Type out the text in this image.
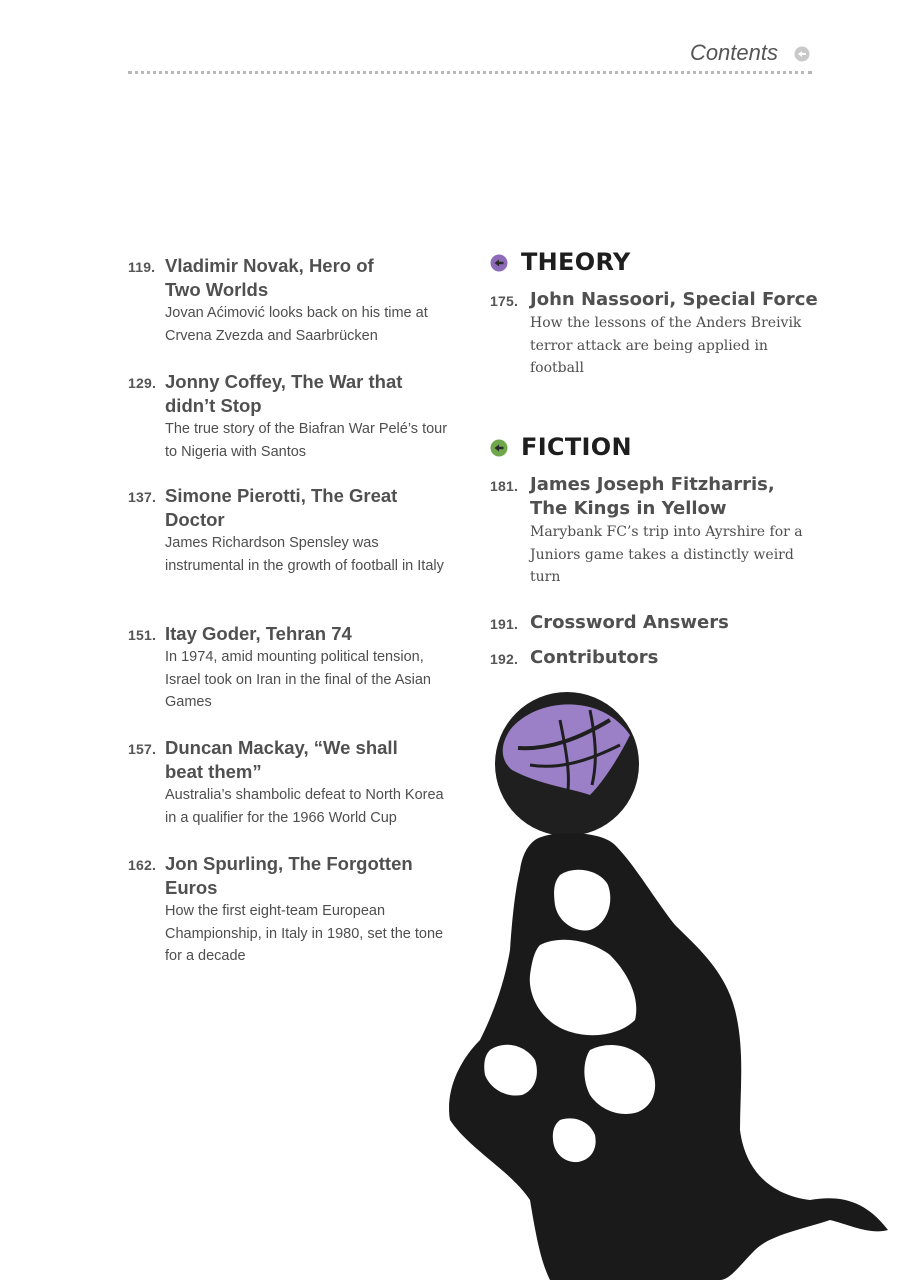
Contents
119. Vladimir Novak, Hero of Two Worlds
Jovan Aćimović looks back on his time at Crvena Zvezda and Saarbrücken
129. Jonny Coffey, The War that didn’t Stop
The true story of the Biafran War Pelé’s tour to Nigeria with Santos
137. Simone Pierotti, The Great Doctor
James Richardson Spensley was instrumental in the growth of football in Italy
151. Itay Goder, Tehran 74
In 1974, amid mounting political tension, Israel took on Iran in the final of the Asian Games
157. Duncan Mackay, “We shall beat them”
Australia’s shambolic defeat to North Korea in a qualifier for the 1966 World Cup
162. Jon Spurling, The Forgotten Euros
How the first eight-team European Championship, in Italy in 1980, set the tone for a decade
THEORY
175. John Nassoori, Special Force
How the lessons of the Anders Breivik terror attack are being applied in football
FICTION
181. James Joseph Fitzharris, The Kings in Yellow
Marybank FC’s trip into Ayrshire for a Juniors game takes a distinctly weird turn
191. Crossword Answers
192. Contributors
